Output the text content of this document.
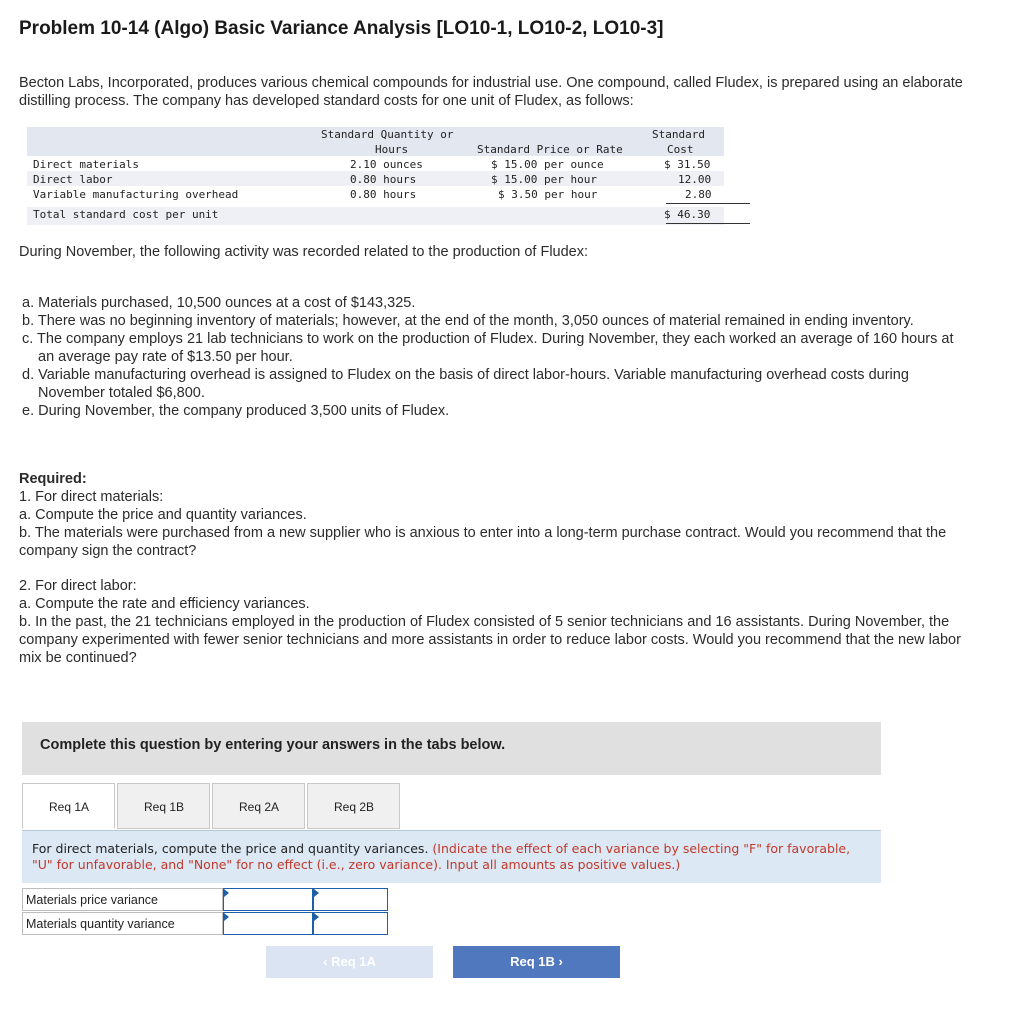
Problem 10-14 (Algo) Basic Variance Analysis [LO10-1, LO10-2, LO10-3]

Becton Labs, Incorporated, produces various chemical compounds for industrial use. One compound, called Fludex, is prepared using an elaborate distilling process. The company has developed standard costs for one unit of Fludex, as follows:

Standard Quantity or
Hours	Standard Price or Rate
Standard
Cost
Direct materials	2.10 ounces	$ 15.00 per ounce	$ 31.50
Direct labor	0.80 hours	$ 15.00 per hour	12.00
Variable manufacturing overhead	0.80 hours	$ 3.50 per hour	2.80
Total standard cost per unit	$ 46.30

During November, the following activity was recorded related to the production of Fludex:

a. Materials purchased, 10,500 ounces at a cost of $143,325.

b. There was no beginning inventory of materials; however, at the end of the month, 3,050 ounces of material remained in ending inventory.

c. The company employs 21 lab technicians to work on the production of Fludex. During November, they each worked an average of 160 hours at an average pay rate of $13.50 per hour.

d. Variable manufacturing overhead is assigned to Fludex on the basis of direct labor-hours. Variable manufacturing overhead costs during November totaled $6,800.

e. During November, the company produced 3,500 units of Fludex.

Required:

1. For direct materials:

a. Compute the price and quantity variances.

b. The materials were purchased from a new supplier who is anxious to enter into a long-term purchase contract. Would you recommend that the company sign the contract?

2. For direct labor:

a. Compute the rate and efficiency variances.

b. In the past, the 21 technicians employed in the production of Fludex consisted of 5 senior technicians and 16 assistants. During November, the company experimented with fewer senior technicians and more assistants in order to reduce labor costs. Would you recommend that the new labor mix be continued?

Complete this question by entering your answers in the tabs below.
Req 1A	Req 1B	Req 2A	Req 2B

For direct materials, compute the price and quantity variances. (Indicate the effect of each variance by selecting "F" for favorable, "U" for unfavorable, and "None" for no effect (i.e., zero variance). Input all amounts as positive values.)

Materials price variance
Materials quantity variance
‹ Req 1A	Req 1B ›
